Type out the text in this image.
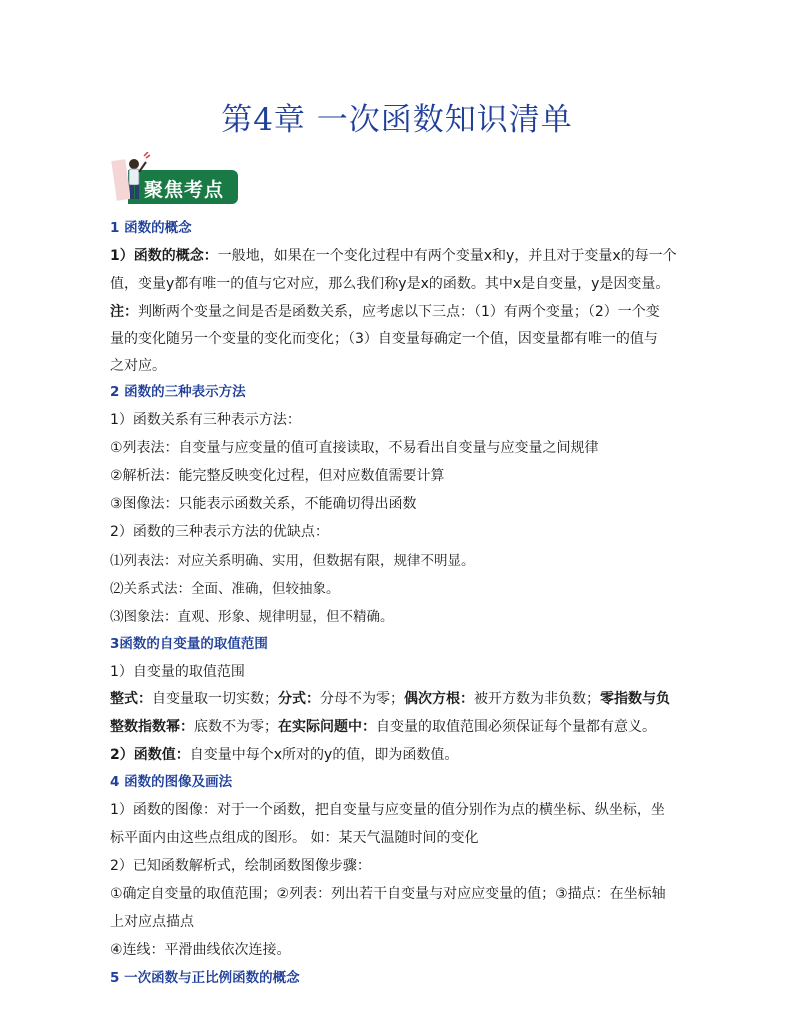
第4章 一次函数知识清单
聚焦考点
1 函数的概念
1）函数的概念：一般地，如果在一个变化过程中有两个变量x和y，并且对于变量x的每一个
值，变量y都有唯一的值与它对应，那么我们称y是x的函数。其中x是自变量，y是因变量。
注：判断两个变量之间是否是函数关系，应考虑以下三点：（1）有两个变量；（2）一个变
量的变化随另一个变量的变化而变化；（3）自变量每确定一个值，因变量都有唯一的值与
之对应。
2 函数的三种表示方法
1）函数关系有三种表示方法：
①列表法：自变量与应变量的值可直接读取，不易看出自变量与应变量之间规律
②解析法：能完整反映变化过程，但对应数值需要计算
③图像法：只能表示函数关系，不能确切得出函数
2）函数的三种表示方法的优缺点：
⑴列表法：对应关系明确、实用，但数据有限，规律不明显。
⑵关系式法：全面、准确，但较抽象。
⑶图象法：直观、形象、规律明显，但不精确。
3函数的自变量的取值范围
1）自变量的取值范围
整式：自变量取一切实数；分式：分母不为零；偶次方根：被开方数为非负数；零指数与负
整数指数幂：底数不为零；在实际问题中：自变量的取值范围必须保证每个量都有意义。
2）函数值：自变量中每个x所对的y的值，即为函数值。
4 函数的图像及画法
1）函数的图像：对于一个函数，把自变量与应变量的值分别作为点的横坐标、纵坐标，坐
标平面内由这些点组成的图形。 如：某天气温随时间的变化
2）已知函数解析式，绘制函数图像步骤：
①确定自变量的取值范围；②列表：列出若干自变量与对应应变量的值；③描点：在坐标轴
上对应点描点
④连线：平滑曲线依次连接。
5 一次函数与正比例函数的概念
